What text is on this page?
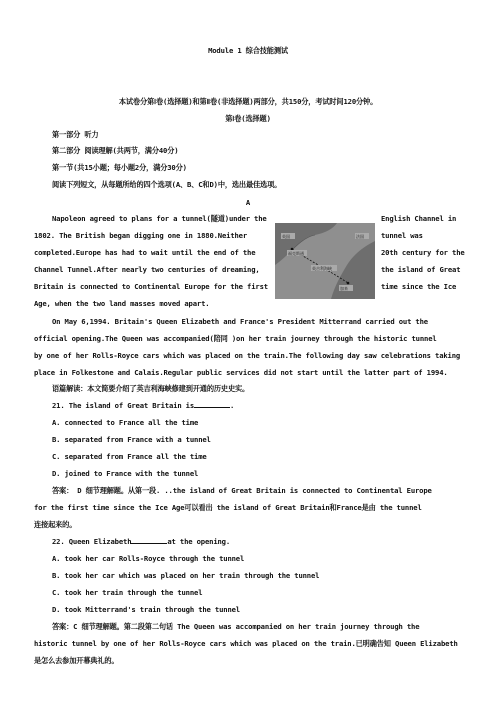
Module 1 综合技能测试
本试卷分第Ⅰ卷(选择题)和第Ⅱ卷(非选择题)两部分，共150分，考试时间120分钟。
第Ⅰ卷(选择题)
第一部分 听力
第二部分 阅读理解(共两节，满分40分)
第一节(共15小题；每小题2分，满分30分)
阅读下列短文，从每题所给的四个选项(A、B、C和D)中，选出最佳选项。
A
Napoleon agreed to plans for a tunnel(隧道)under the
1802. The British began digging one in 1880.Neither
completed.Europe has had to wait until the end of the
Channel Tunnel.After nearly two centuries of dreaming,
Britain is connected to Continental Europe for the first
Age, when the two land masses moved apart.
English Channel in
tunnel was
20th century for the
the island of Great
time since the Ice
英国
福克斯通
英吉利海峡
法国
加来
On May 6,1994. Britain's Queen Elizabeth and France's President Mitterrand carried out the
official opening.The Queen was accompanied(陪同 )on her train journey through the historic tunnel
by one of her Rolls-Royce cars which was placed on the train.The following day saw celebrations taking
place in Folkestone and Calais.Regular public services did not start until the latter part of 1994.
语篇解读：本文简要介绍了英吉利海峡修建到开通的历史史实。
21. The island of Great Britain is	.
A. connected to France all the time
B. separated from France with a tunnel
C. separated from France all the time
D. joined to France with the tunnel
答案： D 细节理解题。从第一段. ..the island of Great Britain is connected to Continental Europe
for the first time since the Ice Age可以看出 the island of Great Britain和France是由 the tunnel
连接起来的。
22. Queen Elizabeth	at the opening.
A. took her car Rolls-Royce through the tunnel
B. took her car which was placed on her train through the tunnel
C. took her train through the tunnel
D. took Mitterrand's train through the tunnel
答案：C 细节理解题。第二段第二句话 The Queen was accompanied on her train journey through the
historic tunnel by one of her Rolls-Royce cars which was placed on the train.已明确告知 Queen Elizabeth
是怎么去参加开幕典礼的。
